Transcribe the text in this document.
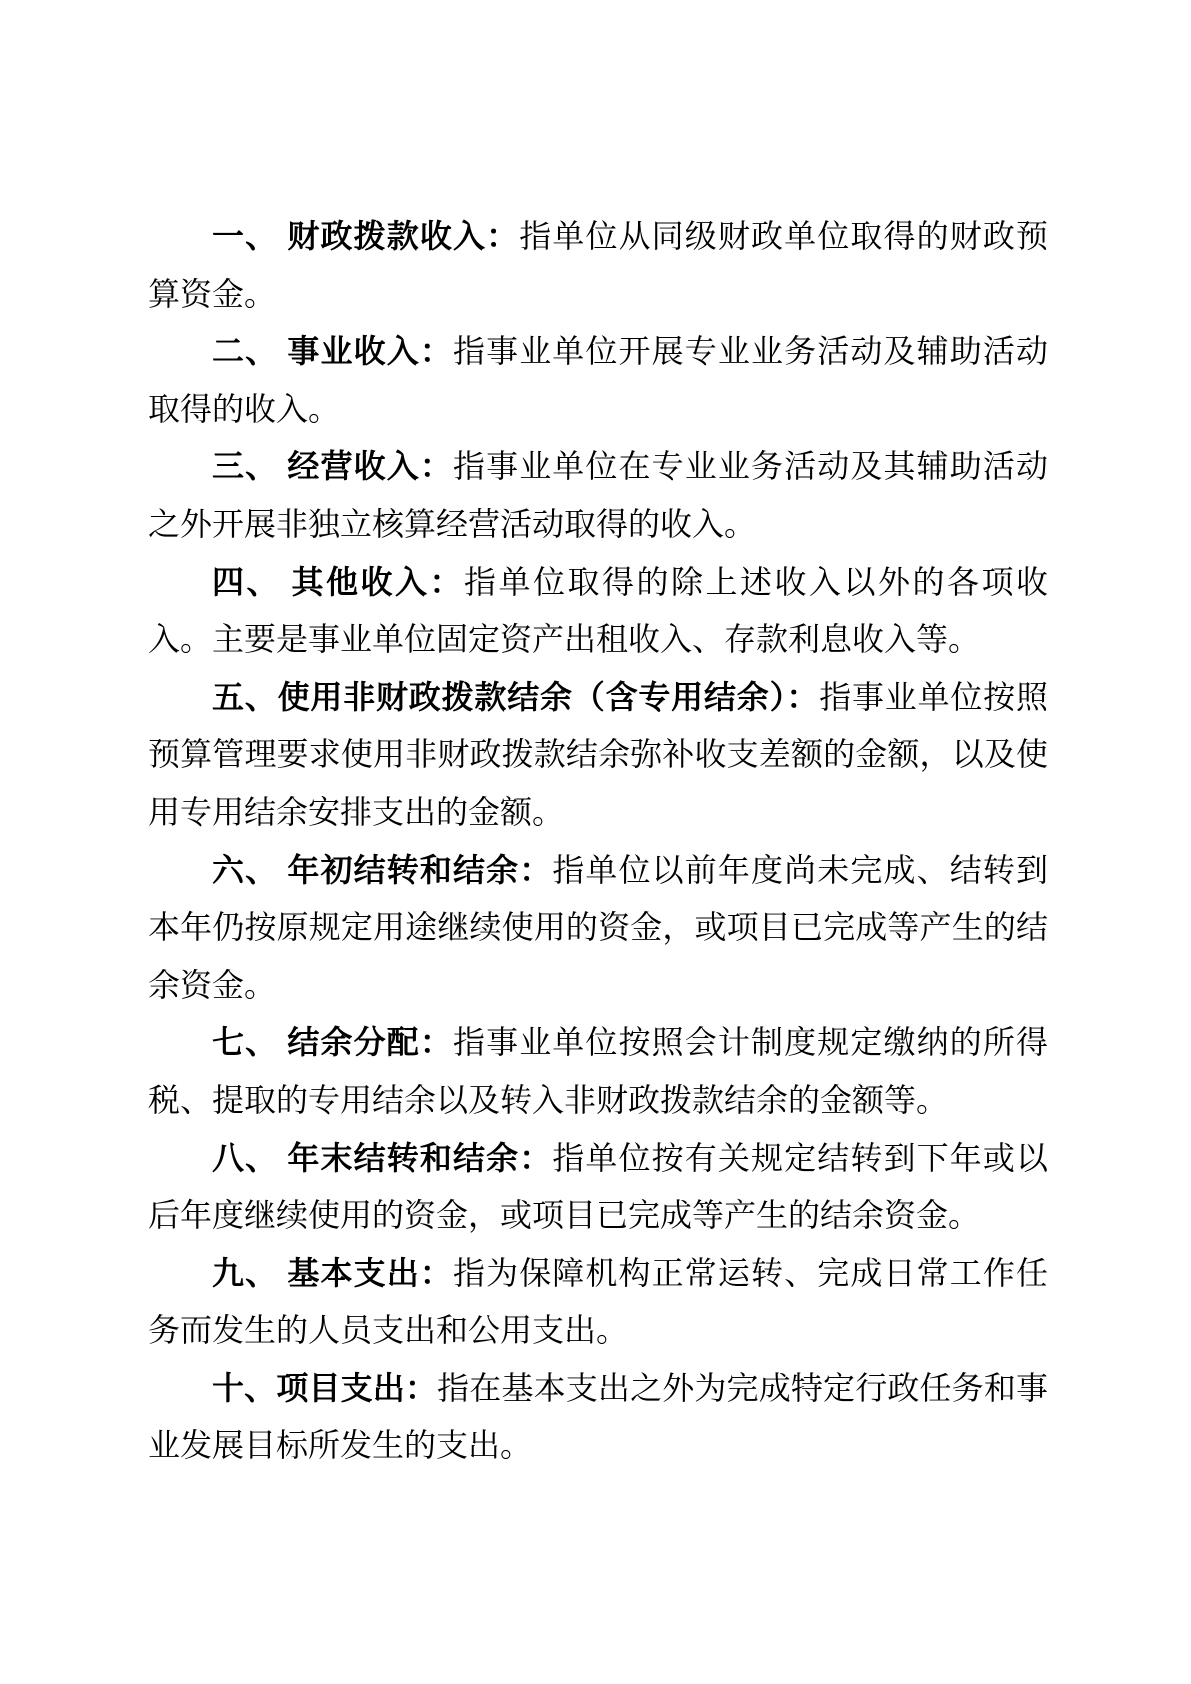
一、 财政拨款收入：指单位从同级财政单位取得的财政预算资金。

二、 事业收入：指事业单位开展专业业务活动及辅助活动取得的收入。

三、 经营收入：指事业单位在专业业务活动及其辅助活动之外开展非独立核算经营活动取得的收入。

四、 其他收入：指单位取得的除上述收入以外的各项收入。主要是事业单位固定资产出租收入、存款利息收入等。

五、使用非财政拨款结余（含专用结余）：指事业单位按照预算管理要求使用非财政拨款结余弥补收支差额的金额，以及使用专用结余安排支出的金额。

六、 年初结转和结余：指单位以前年度尚未完成、结转到本年仍按原规定用途继续使用的资金，或项目已完成等产生的结余资金。

七、 结余分配：指事业单位按照会计制度规定缴纳的所得税、提取的专用结余以及转入非财政拨款结余的金额等。

八、 年末结转和结余：指单位按有关规定结转到下年或以后年度继续使用的资金，或项目已完成等产生的结余资金。

九、 基本支出：指为保障机构正常运转、完成日常工作任务而发生的人员支出和公用支出。

十、项目支出：指在基本支出之外为完成特定行政任务和事业发展目标所发生的支出。
